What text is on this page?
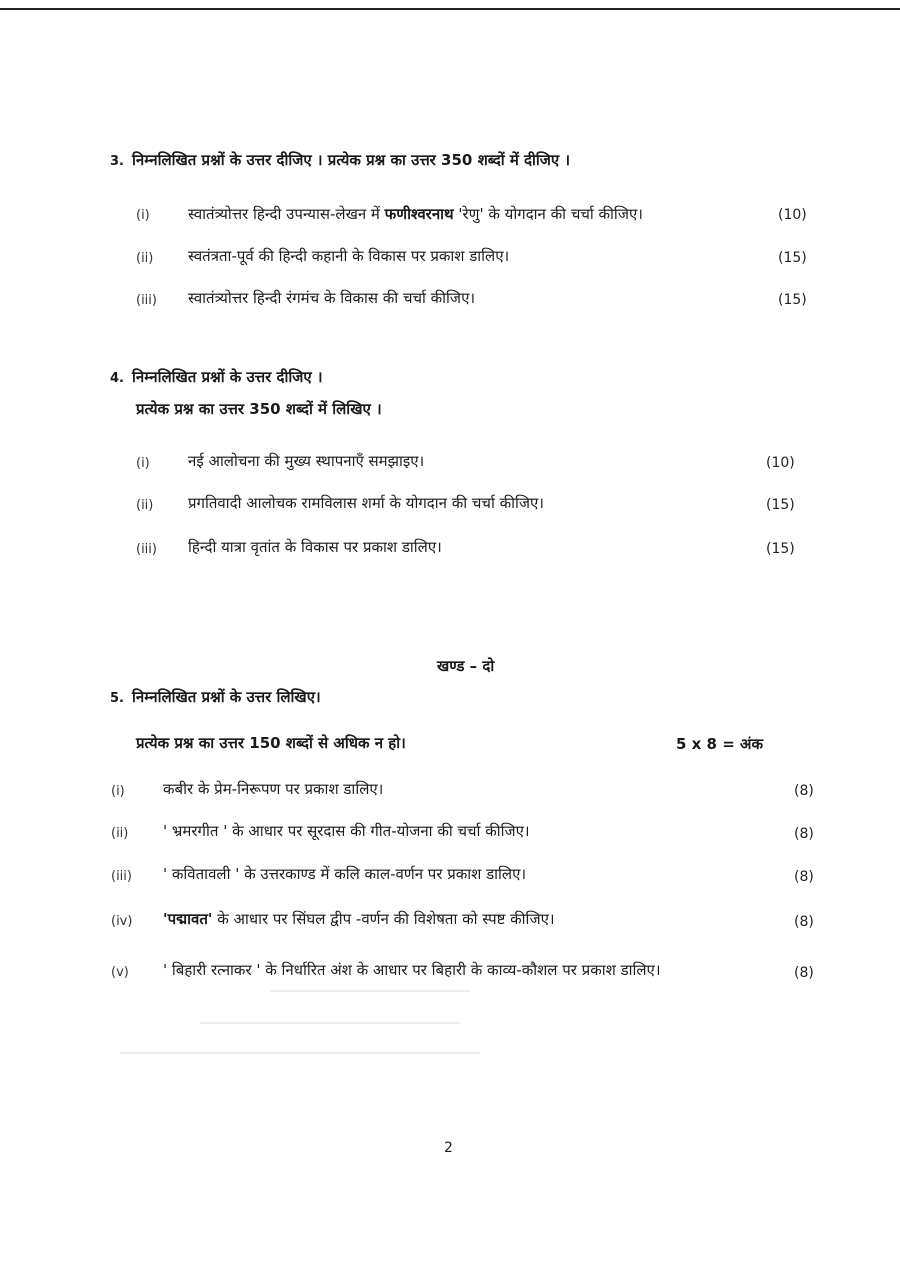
3. निम्नलिखित प्रश्नों के उत्तर दीजिए । प्रत्येक प्रश्न का उत्तर 350 शब्दों में दीजिए ।
(i)	स्वातंत्र्योत्तर हिन्दी उपन्यास-लेखन में फणीश्वरनाथ 'रेणु' के योगदान की चर्चा कीजिए।	(10)
(ii) स्वतंत्रता-पूर्व की हिन्दी कहानी के विकास पर प्रकाश डालिए।	(15)
(iii) स्वातंत्र्योत्तर हिन्दी रंगमंच के विकास की चर्चा कीजिए।	(15)
4. निम्नलिखित प्रश्नों के उत्तर दीजिए ।
प्रत्येक प्रश्न का उत्तर 350 शब्दों में लिखिए ।
(i)	नई आलोचना की मुख्य स्थापनाएँ समझाइए।	(10)
(ii) प्रगतिवादी आलोचक रामविलास शर्मा के योगदान की चर्चा कीजिए।	(15)
(iii) हिन्दी यात्रा वृतांत के विकास पर प्रकाश डालिए।	(15)
खण्ड – दो
5. निम्नलिखित प्रश्नों के उत्तर लिखिए।
प्रत्येक प्रश्न का उत्तर 150 शब्दों से अधिक न हो।	5 x 8 = अंक
(i)	कबीर के प्रेम-निरूपण पर प्रकाश डालिए।	(8)
(ii) ' भ्रमरगीत ' के आधार पर सूरदास की गीत-योजना की चर्चा कीजिए।	(8)
(iii) ' कवितावली ' के उत्तरकाण्ड में कलि काल-वर्णन पर प्रकाश डालिए।	(8)
(iv) 'पद्मावत' के आधार पर सिंघल द्वीप -वर्णन की विशेषता को स्पष्ट कीजिए।	(8)
(v) ' बिहारी रत्नाकर ' के निर्धारित अंश के आधार पर बिहारी के काव्य-कौशल पर प्रकाश डालिए।	(8)
2
